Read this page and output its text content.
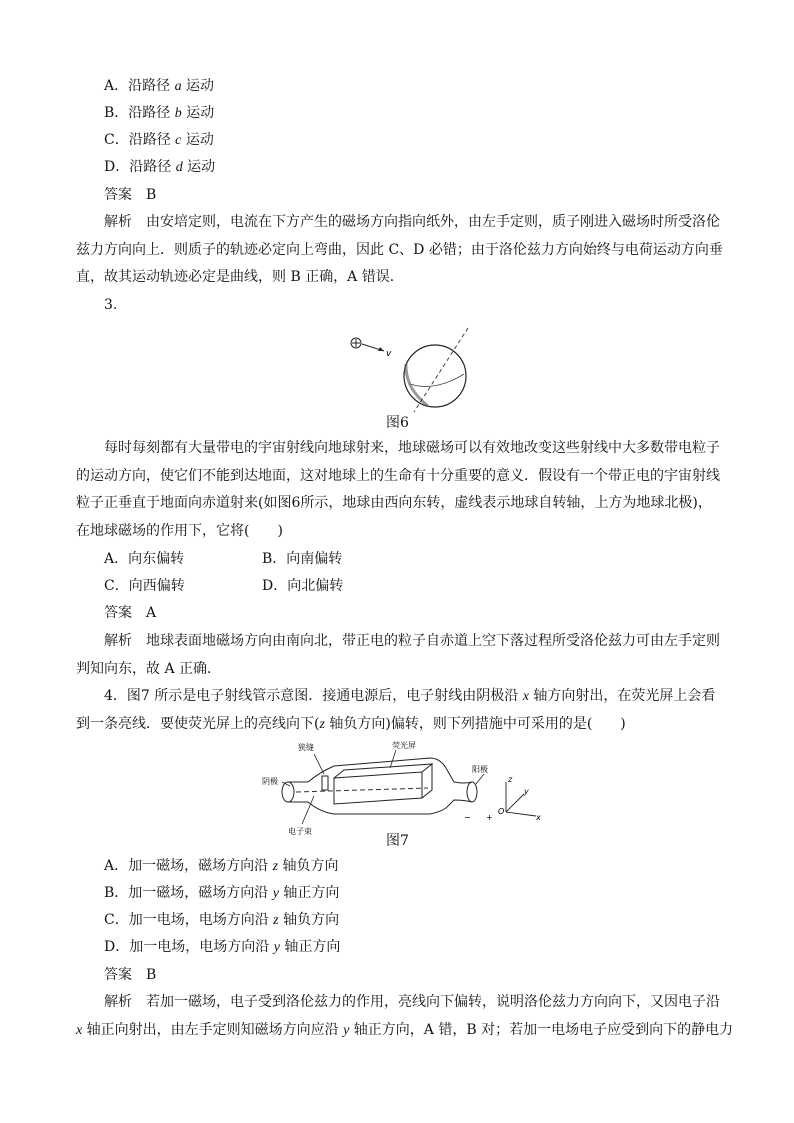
A．沿路径 a 运动
B．沿路径 b 运动
C．沿路径 c 运动
D．沿路径 d 运动
答案　B
解析　由安培定则，电流在下方产生的磁场方向指向纸外，由左手定则，质子刚进入磁场时所受洛伦
兹力方向向上．则质子的轨迹必定向上弯曲，因此 C、D 必错；由于洛伦兹力方向始终与电荷运动方向垂
直，故其运动轨迹必定是曲线，则 B 正确，A 错误．
3.
v
图6
每时每刻都有大量带电的宇宙射线向地球射来，地球磁场可以有效地改变这些射线中大多数带电粒子
的运动方向，使它们不能到达地面，这对地球上的生命有十分重要的意义．假设有一个带正电的宇宙射线
粒子正垂直于地面向赤道射来(如图6所示，地球由西向东转，虚线表示地球自转轴，上方为地球北极)，
在地球磁场的作用下，它将(　　)
A．向东偏转	B．向南偏转
C．向西偏转	D．向北偏转
答案　A
解析　地球表面地磁场方向由南向北，带正电的粒子自赤道上空下落过程所受洛伦兹力可由左手定则
判知向东，故 A 正确．
4．图7 所示是电子射线管示意图．接通电源后，电子射线由阴极沿 x 轴方向射出，在荧光屏上会看
到一条亮线．要使荧光屏上的亮线向下(z 轴负方向)偏转，则下列措施中可采用的是(　　)
狭缝	荧光屏
阴极
阳极
电子束
− +
z
y
x
O
图7
A．加一磁场，磁场方向沿 z 轴负方向
B．加一磁场，磁场方向沿 y 轴正方向
C．加一电场，电场方向沿 z 轴负方向
D．加一电场，电场方向沿 y 轴正方向
答案　B
解析　若加一磁场，电子受到洛伦兹力的作用，亮线向下偏转，说明洛伦兹力方向向下，又因电子沿
x 轴正向射出，由左手定则知磁场方向应沿 y 轴正方向，A 错，B 对；若加一电场电子应受到向下的静电力
